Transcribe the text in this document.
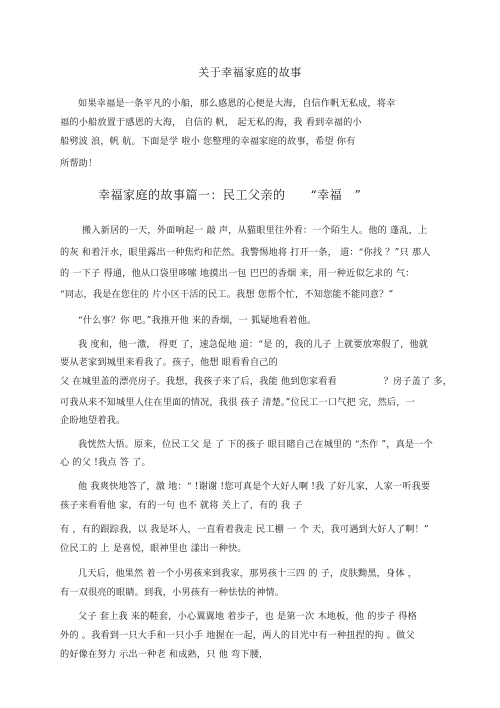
关于幸福家庭的故事
如果幸福是一条平凡的小船，那么感恩的心便是大海，自信作帆无私成，将幸
福的小船放置于感恩的大海， 自信的 帆， 起无私的海，我 看到幸福的小
船劈波 浪，帆 航。下面是学 啦小 您整理的幸福家庭的故事，希望 你有
所帮助！
幸福家庭的故事篇一：民工父亲的　　“幸福　”
搬入新居的一天，外面响起一 敲 声，从猫眼里往外看：一个陌生人。他的 蓬乱，上
的灰 和着汗水，眼里露出一种焦灼和茫然。我警惕地将 打开一条， 道：“你找 ？”只 那人
的 一下子 得通，他从口袋里哆嗦 地摸出一包 巴巴的香烟 来，用一种近似乞求的 气：
“同志，我是在您住的 片小区干活的民工。我想 您帮个忙，不知您能不能同意？”
“什么事？你 吧。”我推开他 来的香烟，一 狐疑地看着他。
我 度和，他一激， 得更 了，速急促地 道：“是 的，我的儿子 上就要放寒假了，他就
要从老家到城里来看我了。孩子，他想 眼看看自己的
父 在城里盖的漂亮房子。我想，我孩子来了后，我能 他到您家看看　　　　　？房子盖了 多，
可我从来不知城里人住在里面的情况，我很 孩子 清楚。”位民工一口气把 完，然后，一
企盼地望着我。
我恍然大悟。原来，位民工父 是 了 下的孩子 眼目睹自己在城里的 “杰作 ”，真是一个
心 的父 !我点 答 了。
他 我爽快地答了，激 地：“ !谢谢 !您可真是个大好人啊 !我 了好儿家，人家一听我要
孩子来看看他 家，有的一句 也不 就将 关上了，有的 我 子
有 ，有的跟踪我，以 我是坏人，一直看着我走 民工棚 一 个 天，我可遇到大好人了啊！”
位民工的 上 是喜悦，眼神里也 漾出一种快。
几天后，他果然 着一个小男孩来到我家，那男孩十三四 的 子，皮肤黝黑，身体 ，
有一双很亮的眼睛。到我，小男孩有一种怯怯的神情。
父子 套上我 来的鞋套，小心翼翼地 着步子，也 是第一次 木地板，他 的步子 得格
外的 。我看到一只大手和一只小手 地握在一起，两人的目光中有一种扭捏的拘 。做父
的好像在努力 示出一种老 和成熟，只 他 弯下腰，
